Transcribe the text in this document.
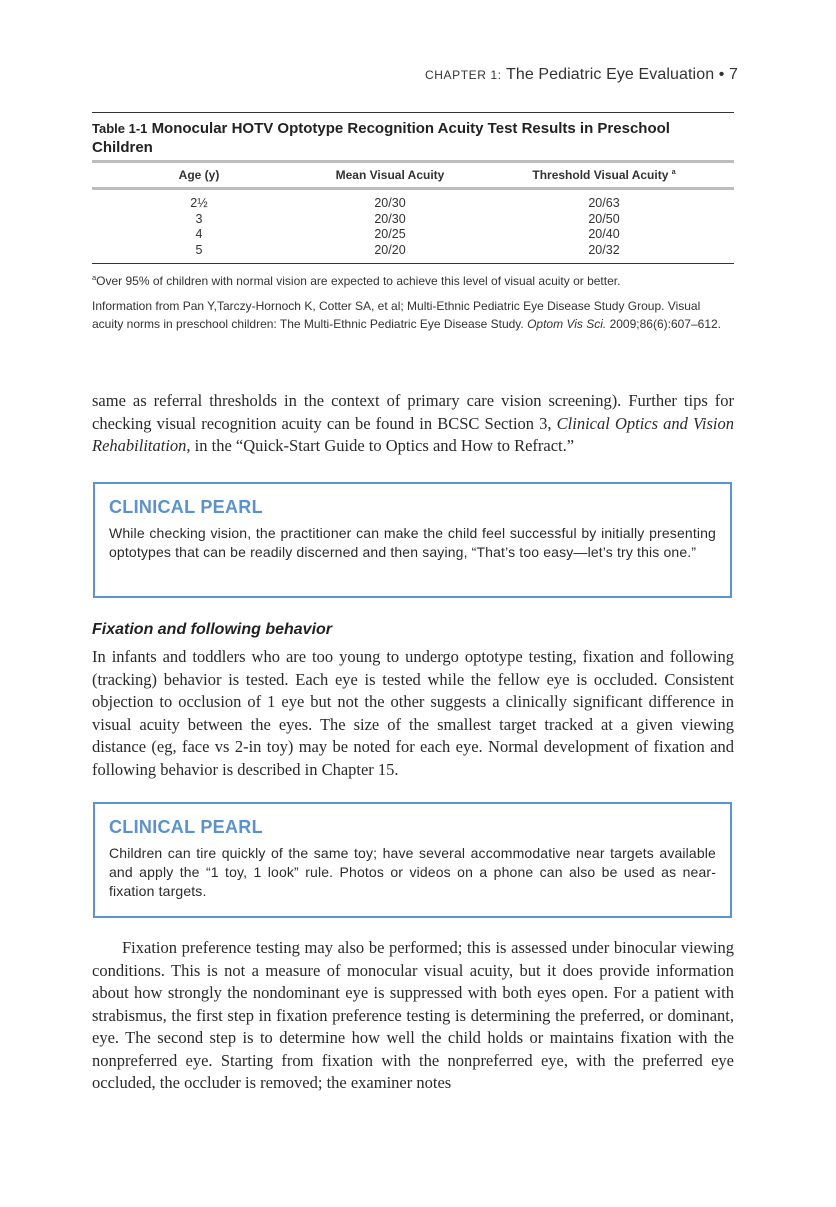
CHAPTER 1: The Pediatric Eye Evaluation • 7
Table 1-1 Monocular HOTV Optotype Recognition Acuity Test Results in Preschool Children
Age (y)	Mean Visual Acuity	Threshold Visual Acuity $^a$
2½	20/30	20/63
3	20/30	20/50
4	20/25	20/40
5	20/20	20/32
$^a$Over 95% of children with normal vision are expected to achieve this level of visual acuity or better.
Information from Pan Y,Tarczy-Hornoch K, Cotter SA, et al; Multi-Ethnic Pediatric Eye Disease Study Group. Visual acuity norms in preschool children: The Multi-Ethnic Pediatric Eye Disease Study. Optom Vis Sci. 2009;86(6):607–612.
same as referral thresholds in the context of primary care vision screening). Further tips for checking visual recognition acuity can be found in BCSC Section 3, Clinical Optics and Vision Rehabilitation, in the “Quick-Start Guide to Optics and How to Refract.”
CLINICAL PEARL
While checking vision, the practitioner can make the child feel successful by initially presenting optotypes that can be readily discerned and then saying, “That’s too easy—let’s try this one.”
Fixation and following behavior
In infants and toddlers who are too young to undergo optotype testing, fixation and following (tracking) behavior is tested. Each eye is tested while the fellow eye is occluded. Consistent objection to occlusion of 1 eye but not the other suggests a clinically significant difference in visual acuity between the eyes. The size of the smallest target tracked at a given viewing distance (eg, face vs 2-in toy) may be noted for each eye. Normal development of fixation and following behavior is described in Chapter 15.
CLINICAL PEARL
Children can tire quickly of the same toy; have several accommodative near targets available and apply the “1 toy, 1 look” rule. Photos or videos on a phone can also be used as near-fixation targets.
Fixation preference testing may also be performed; this is assessed under binocular viewing conditions. This is not a measure of monocular visual acuity, but it does provide information about how strongly the nondominant eye is suppressed with both eyes open. For a patient with strabismus, the first step in fixation preference testing is determining the preferred, or dominant, eye. The second step is to determine how well the child holds or maintains fixation with the nonpreferred eye. Starting from fixation with the nonpreferred eye, with the preferred eye occluded, the occluder is removed; the examiner notes
